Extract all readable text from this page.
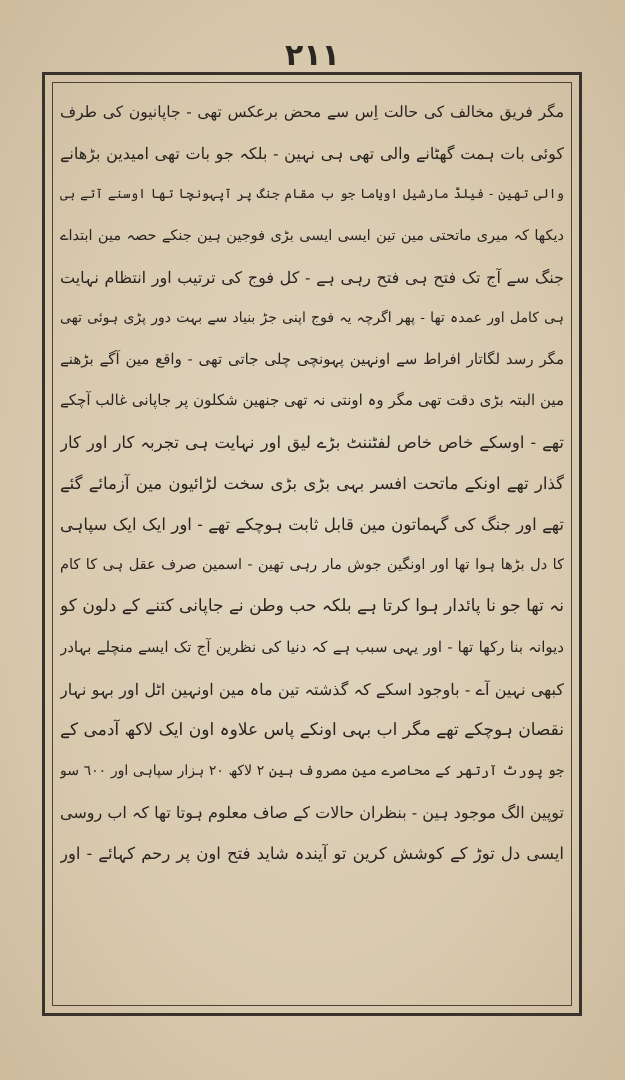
٢١١
مگر فریق مخالف کی حالت اِس سے محض برعکس تھی - جاپانیون کی طرف
کوئی بات ہمت گھٹانے والی تھی ہی نہین - بلکہ جو بات تھی امیدین بڑھانے
والی تھین - فیلڈ مارشیل اویاما جو ب مقام جنگ پر آپہونچا تھا اوسنے آتے ہی
دیکھا کہ میری ماتحتی مین تین ایسی ایسی بڑی فوجین ہین جنکے حصہ مین ابتداے
جنگ سے آج تک فتح ہی فتح رہی ہے - کل فوج کی ترتیب اور انتظام نہایت
ہی کامل اور عمدہ تھا - پھر اگرچہ یہ فوج اپنی جڑ بنیاد سے بہت دور پڑی ہوئی تھی
مگر رسد لگاتار افراط سے اونہین پہونچی چلی جاتی تھی - واقع مین آگے بڑھنے
مین البتہ بڑی دقت تھی مگر وہ اونتی نہ تھی جنھین شکلون پر جاپانی غالب آچکے
تھے - اوسکے خاص خاص لفٹننٹ بڑے لیق اور نہایت ہی تجربہ کار اور کار
گذار تھے اونکے ماتحت افسر بہی بڑی بڑی سخت لڑائیون مین آزمائے گئے
تھے اور جنگ کی گہماتون مین قابل ثابت ہوچکے تھے - اور ایک ایک سپاہی
کا دل بڑھا ہوا تھا اور اونگین جوش مار رہی تھین - اسمین صرف عقل ہی کا کام
نہ تھا جو نا پائدار ہوا کرتا ہے بلکہ حب وطن نے جاپانی کتنے کے دلون کو
دیوانہ بنا رکھا تھا - اور یہی سبب ہے کہ دنیا کی نظرین آج تک ایسے منچلے بہادر
کبھی نہین آے - باوجود اسکے کہ گذشتہ تین ماہ مین اونہین اٹل اور بہو نہار
نقصان ہوچکے تھے مگر اب بہی اونکے پاس علاوہ اون ایک لاکھ آدمی کے
جو پورٹ آرتھر کے محاصرے مین مصروف ہین ٢ لاکھ ٢٠ ہزار سپاہی اور ٦٠٠ سو
توپین الگ موجود ہین - بنظران حالات کے صاف معلوم ہوتا تھا کہ اب روسی
ایسی دل توڑ کے کوشش کرین تو آیندہ شاید فتح اون پر رحم کہائے - اور
